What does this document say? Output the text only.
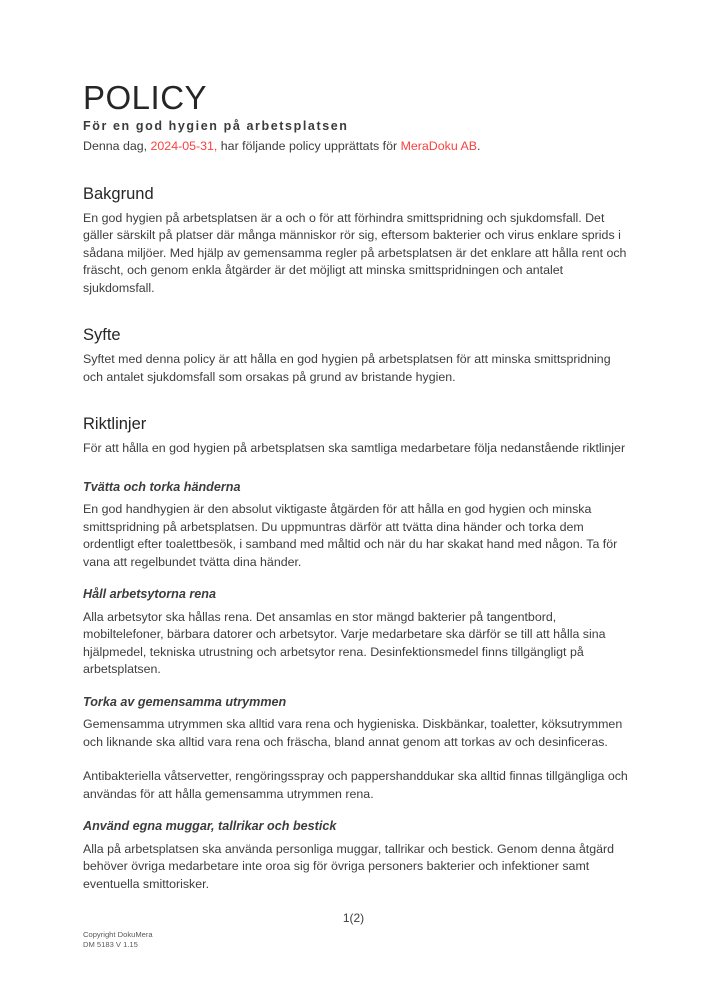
POLICY
För en god hygien på arbetsplatsen

Denna dag, 2024-05-31, har följande policy upprättats för MeraDoku AB.

Bakgrund

En god hygien på arbetsplatsen är a och o för att förhindra smittspridning och sjukdomsfall. Det gäller särskilt på platser där många människor rör sig, eftersom bakterier och virus enklare sprids i sådana miljöer. Med hjälp av gemensamma regler på arbetsplatsen är det enklare att hålla rent och fräscht, och genom enkla åtgärder är det möjligt att minska smittspridningen och antalet sjukdomsfall.

Syfte

Syftet med denna policy är att hålla en god hygien på arbetsplatsen för att minska smittspridning och antalet sjukdomsfall som orsakas på grund av bristande hygien.

Riktlinjer

För att hålla en god hygien på arbetsplatsen ska samtliga medarbetare följa nedanstående riktlinjer

Tvätta och torka händerna

En god handhygien är den absolut viktigaste åtgärden för att hålla en god hygien och minska smittspridning på arbetsplatsen. Du uppmuntras därför att tvätta dina händer och torka dem ordentligt efter toalettbesök, i samband med måltid och när du har skakat hand med någon. Ta för vana att regelbundet tvätta dina händer.

Håll arbetsytorna rena

Alla arbetsytor ska hållas rena. Det ansamlas en stor mängd bakterier på tangentbord, mobiltelefoner, bärbara datorer och arbetsytor. Varje medarbetare ska därför se till att hålla sina hjälpmedel, tekniska utrustning och arbetsytor rena. Desinfektionsmedel finns tillgängligt på arbetsplatsen.

Torka av gemensamma utrymmen

Gemensamma utrymmen ska alltid vara rena och hygieniska. Diskbänkar, toaletter, köksutrymmen och liknande ska alltid vara rena och fräscha, bland annat genom att torkas av och desinficeras.

Antibakteriella våtservetter, rengöringsspray och pappershanddukar ska alltid finnas tillgängliga och användas för att hålla gemensamma utrymmen rena.

Använd egna muggar, tallrikar och bestick

Alla på arbetsplatsen ska använda personliga muggar, tallrikar och bestick. Genom denna åtgärd behöver övriga medarbetare inte oroa sig för övriga personers bakterier och infektioner samt eventuella smittorisker.

1(2)
Copyright DokuMera
DM 5183 V 1.15
